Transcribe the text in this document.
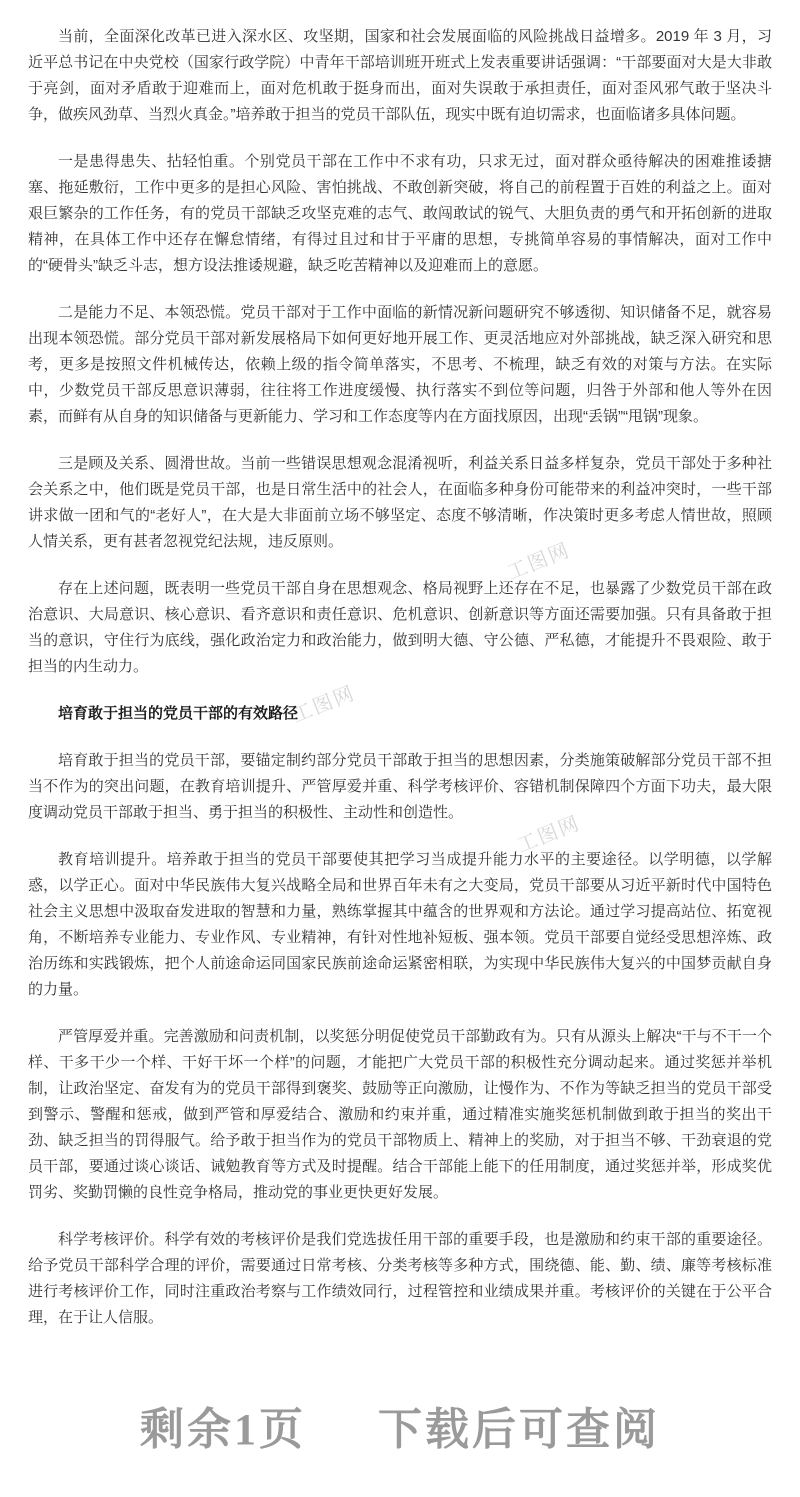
工图网
工图网
工图网

当前，全面深化改革已进入深水区、攻坚期，国家和社会发展面临的风险挑战日益增多。2019 年 3 月，习近平总书记在中央党校（国家行政学院）中青年干部培训班开班式上发表重要讲话强调：“干部要面对大是大非敢于亮剑，面对矛盾敢于迎难而上，面对危机敢于挺身而出，面对失误敢于承担责任，面对歪风邪气敢于坚决斗争，做疾风劲草、当烈火真金。”培养敢于担当的党员干部队伍，现实中既有迫切需求，也面临诸多具体问题。

一是患得患失、拈轻怕重。个别党员干部在工作中不求有功，只求无过，面对群众亟待解决的困难推诿搪塞、拖延敷衍，工作中更多的是担心风险、害怕挑战、不敢创新突破，将自己的前程置于百姓的利益之上。面对艰巨繁杂的工作任务，有的党员干部缺乏攻坚克难的志气、敢闯敢试的锐气、大胆负责的勇气和开拓创新的进取精神，在具体工作中还存在懈怠情绪，有得过且过和甘于平庸的思想，专挑简单容易的事情解决，面对工作中的“硬骨头”缺乏斗志，想方设法推诿规避，缺乏吃苦精神以及迎难而上的意愿。

二是能力不足、本领恐慌。党员干部对于工作中面临的新情况新问题研究不够透彻、知识储备不足，就容易出现本领恐慌。部分党员干部对新发展格局下如何更好地开展工作、更灵活地应对外部挑战，缺乏深入研究和思考，更多是按照文件机械传达，依赖上级的指令简单落实，不思考、不梳理，缺乏有效的对策与方法。在实际中，少数党员干部反思意识薄弱，往往将工作进度缓慢、执行落实不到位等问题，归咎于外部和他人等外在因素，而鲜有从自身的知识储备与更新能力、学习和工作态度等内在方面找原因，出现“丢锅”“甩锅”现象。

三是顾及关系、圆滑世故。当前一些错误思想观念混淆视听，利益关系日益多样复杂，党员干部处于多种社会关系之中，他们既是党员干部，也是日常生活中的社会人，在面临多种身份可能带来的利益冲突时，一些干部讲求做一团和气的“老好人”，在大是大非面前立场不够坚定、态度不够清晰，作决策时更多考虑人情世故，照顾人情关系，更有甚者忽视党纪法规，违反原则。

存在上述问题，既表明一些党员干部自身在思想观念、格局视野上还存在不足，也暴露了少数党员干部在政治意识、大局意识、核心意识、看齐意识和责任意识、危机意识、创新意识等方面还需要加强。只有具备敢于担当的意识，守住行为底线，强化政治定力和政治能力，做到明大德、守公德、严私德，才能提升不畏艰险、敢于担当的内生动力。

培育敢于担当的党员干部的有效路径

培育敢于担当的党员干部，要锚定制约部分党员干部敢于担当的思想因素，分类施策破解部分党员干部不担当不作为的突出问题，在教育培训提升、严管厚爱并重、科学考核评价、容错机制保障四个方面下功夫，最大限度调动党员干部敢于担当、勇于担当的积极性、主动性和创造性。

教育培训提升。培养敢于担当的党员干部要使其把学习当成提升能力水平的主要途径。以学明德，以学解惑，以学正心。面对中华民族伟大复兴战略全局和世界百年未有之大变局，党员干部要从习近平新时代中国特色社会主义思想中汲取奋发进取的智慧和力量，熟练掌握其中蕴含的世界观和方法论。通过学习提高站位、拓宽视角，不断培养专业能力、专业作风、专业精神，有针对性地补短板、强本领。党员干部要自觉经受思想淬炼、政治历练和实践锻炼，把个人前途命运同国家民族前途命运紧密相联，为实现中华民族伟大复兴的中国梦贡献自身的力量。

严管厚爱并重。完善激励和问责机制，以奖惩分明促使党员干部勤政有为。只有从源头上解决“干与不干一个样、干多干少一个样、干好干坏一个样”的问题，才能把广大党员干部的积极性充分调动起来。通过奖惩并举机制，让政治坚定、奋发有为的党员干部得到褒奖、鼓励等正向激励，让慢作为、不作为等缺乏担当的党员干部受到警示、警醒和惩戒，做到严管和厚爱结合、激励和约束并重，通过精准实施奖惩机制做到敢于担当的奖出干劲、缺乏担当的罚得服气。给予敢于担当作为的党员干部物质上、精神上的奖励，对于担当不够、干劲衰退的党员干部，要通过谈心谈话、诫勉教育等方式及时提醒。结合干部能上能下的任用制度，通过奖惩并举，形成奖优罚劣、奖勤罚懒的良性竞争格局，推动党的事业更快更好发展。

科学考核评价。科学有效的考核评价是我们党选拔任用干部的重要手段，也是激励和约束干部的重要途径。给予党员干部科学合理的评价，需要通过日常考核、分类考核等多种方式，围绕德、能、勤、绩、廉等考核标准进行考核评价工作，同时注重政治考察与工作绩效同行，过程管控和业绩成果并重。考核评价的关键在于公平合理，在于让人信服。

剩余1页 下载后可查阅
